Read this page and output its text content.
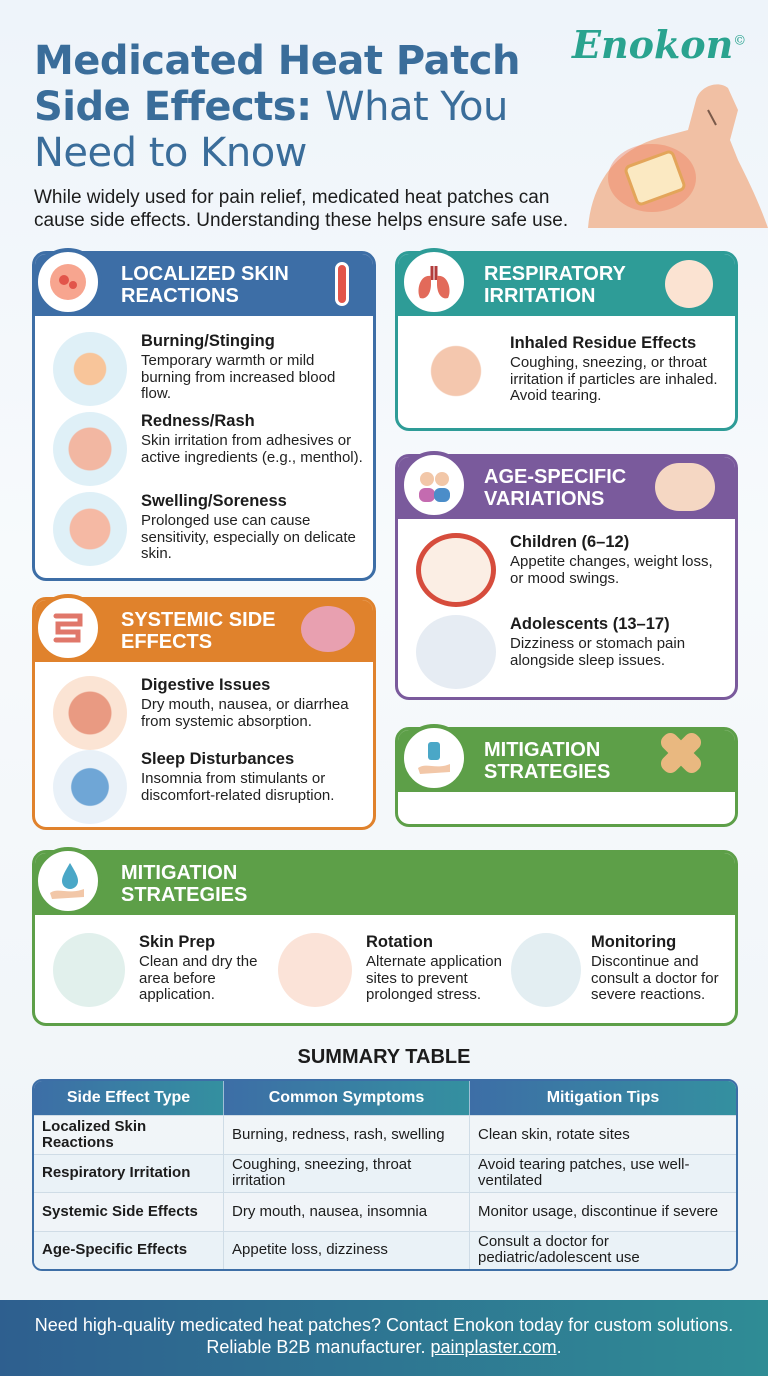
Medicated Heat Patch
Side Effects: What You
Need to Know
Enokon©
While widely used for pain relief, medicated heat patches can cause side effects. Understanding these helps ensure safe use.
LOCALIZED SKIN REACTIONS
Burning/Stinging

Temporary warmth or mild burning from increased blood flow.

Redness/Rash

Skin irritation from adhesives or active ingredients (e.g., menthol).

Swelling/Soreness

Prolonged use can cause sensitivity, especially on delicate skin.

RESPIRATORY IRRITATION
Inhaled Residue Effects

Coughing, sneezing, or throat irritation if particles are inhaled. Avoid tearing.

AGE-SPECIFIC VARIATIONS
Children (6–12)

Appetite changes, weight loss, or mood swings.

Adolescents (13–17)

Dizziness or stomach pain alongside sleep issues.

SYSTEMIC SIDE EFFECTS
Digestive Issues

Dry mouth, nausea, or diarrhea from systemic absorption.

Sleep Disturbances

Insomnia from stimulants or discomfort-related disruption.

MITIGATION STRATEGIES
MITIGATION STRATEGIES
Skin Prep

Clean and dry the area before application.

Rotation

Alternate application sites to prevent prolonged stress.

Monitoring

Discontinue and consult a doctor for severe reactions.

SUMMARY TABLE
Side Effect Type	Common Symptoms	Mitigation Tips
Localized Skin Reactions	Burning, redness, rash, swelling	Clean skin, rotate sites
Respiratory Irritation	Coughing, sneezing, throat irritation	Avoid tearing patches, use well-ventilated
Systemic Side Effects	Dry mouth, nausea, insomnia	Monitor usage, discontinue if severe
Age-Specific Effects	Appetite loss, dizziness	Consult a doctor for pediatric/adolescent use
Need high-quality medicated heat patches? Contact Enokon today for custom solutions. Reliable B2B manufacturer. painplaster.com.
